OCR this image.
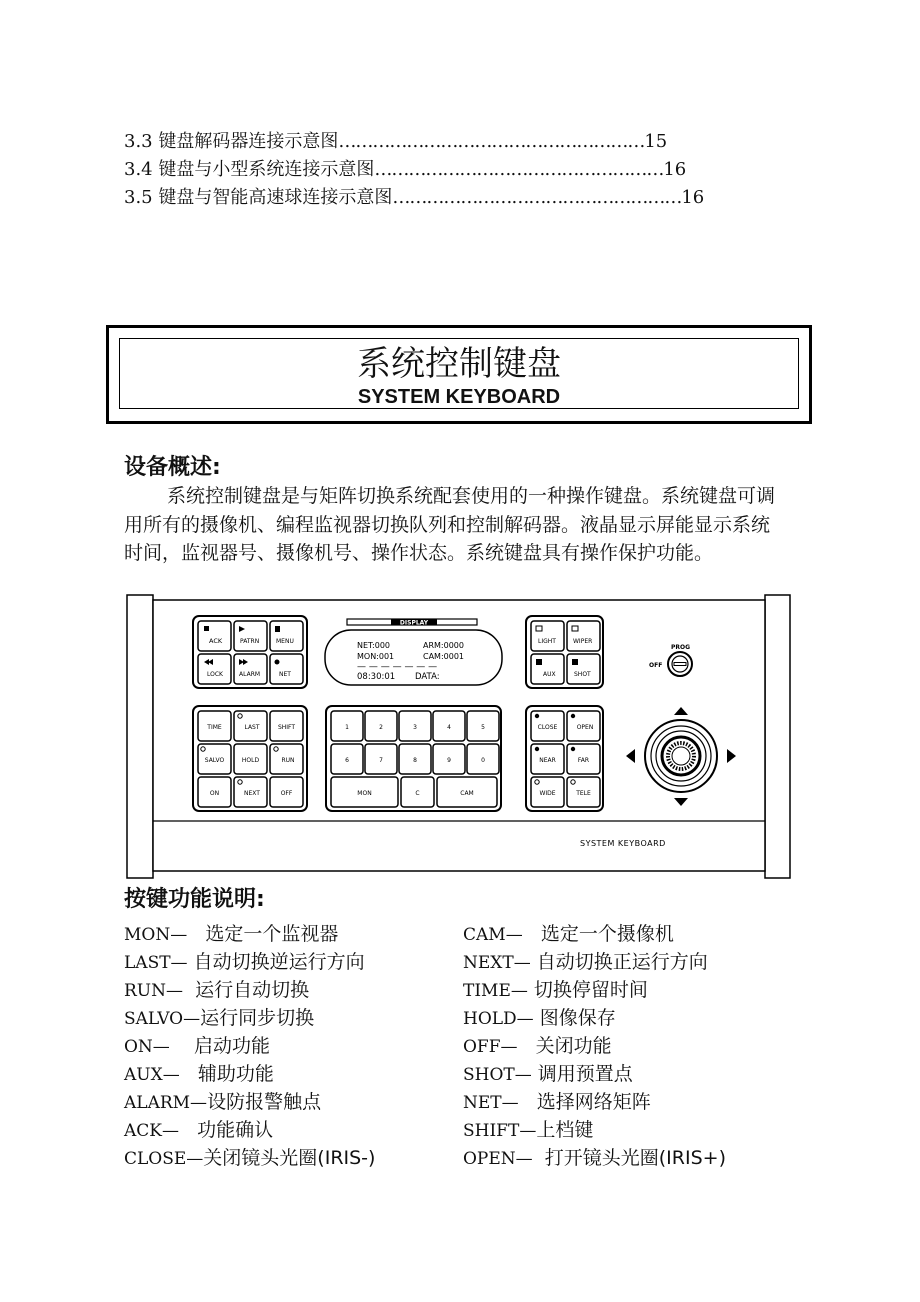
3.3 键盘解码器连接示意图………………………………………………15
3.4 键盘与小型系统连接示意图……………………………………………16
3.5 键盘与智能高速球连接示意图……………………………………………16
系统控制键盘
SYSTEM KEYBOARD
设备概述:
系统控制键盘是与矩阵切换系统配套使用的一种操作键盘。系统键盘可调用所有的摄像机、编程监视器切换队列和控制解码器。液晶显示屏能显示系统时间，监视器号、摄像机号、操作状态。系统键盘具有操作保护功能。
SYSTEM KEYBOARD
ACK	PATRN	MENU
LOCK	ALARM	NET
DISPLAY
NET:000	ARM:0000
MON:001	CAM:0001
— — — — — — —
08:30:01 DATA:
LIGHT	WIPER
AUX	SHOT
PROG
OFF
TIME	LAST	SHIFT
SALVO	HOLD	RUN
ON	NEXT	OFF
1	2	3	4	5
6	7	8	9	0
MON	C	CAM
CLOSE	OPEN
NEAR	FAR
WIDE	TELE
按键功能说明:
MON— 选定一个监视器
LAST— 自动切换逆运行方向
RUN— 运行自动切换
SALVO—运行同步切换
ON— 启动功能
AUX— 辅助功能
ALARM—设防报警触点
ACK— 功能确认
CLOSE—关闭镜头光圈(IRIS-)
CAM— 选定一个摄像机
NEXT— 自动切换正运行方向
TIME— 切换停留时间
HOLD— 图像保存
OFF— 关闭功能
SHOT— 调用预置点
NET— 选择网络矩阵
SHIFT—上档键
OPEN— 打开镜头光圈(IRIS+)
